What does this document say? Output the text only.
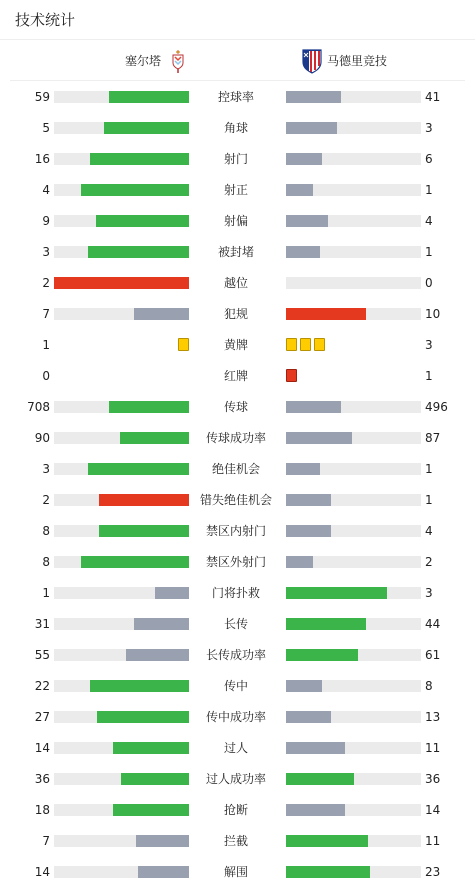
技术统计
塞尔塔	马德里竞技
59	控球率	41
5	角球	3
16	射门	6
4	射正	1
9	射偏	4
3	被封堵	1
2	越位	0
7	犯规	10
1	黄牌	3
0	红牌	1
708	传球	496
90	传球成功率	87
3	绝佳机会	1
2	错失绝佳机会	1
8	禁区内射门	4
8	禁区外射门	2
1	门将扑救	3
31	长传	44
55	长传成功率	61
22	传中	8
27	传中成功率	13
14	过人	11
36	过人成功率	36
18	抢断	14
7	拦截	11
14	解围	23
